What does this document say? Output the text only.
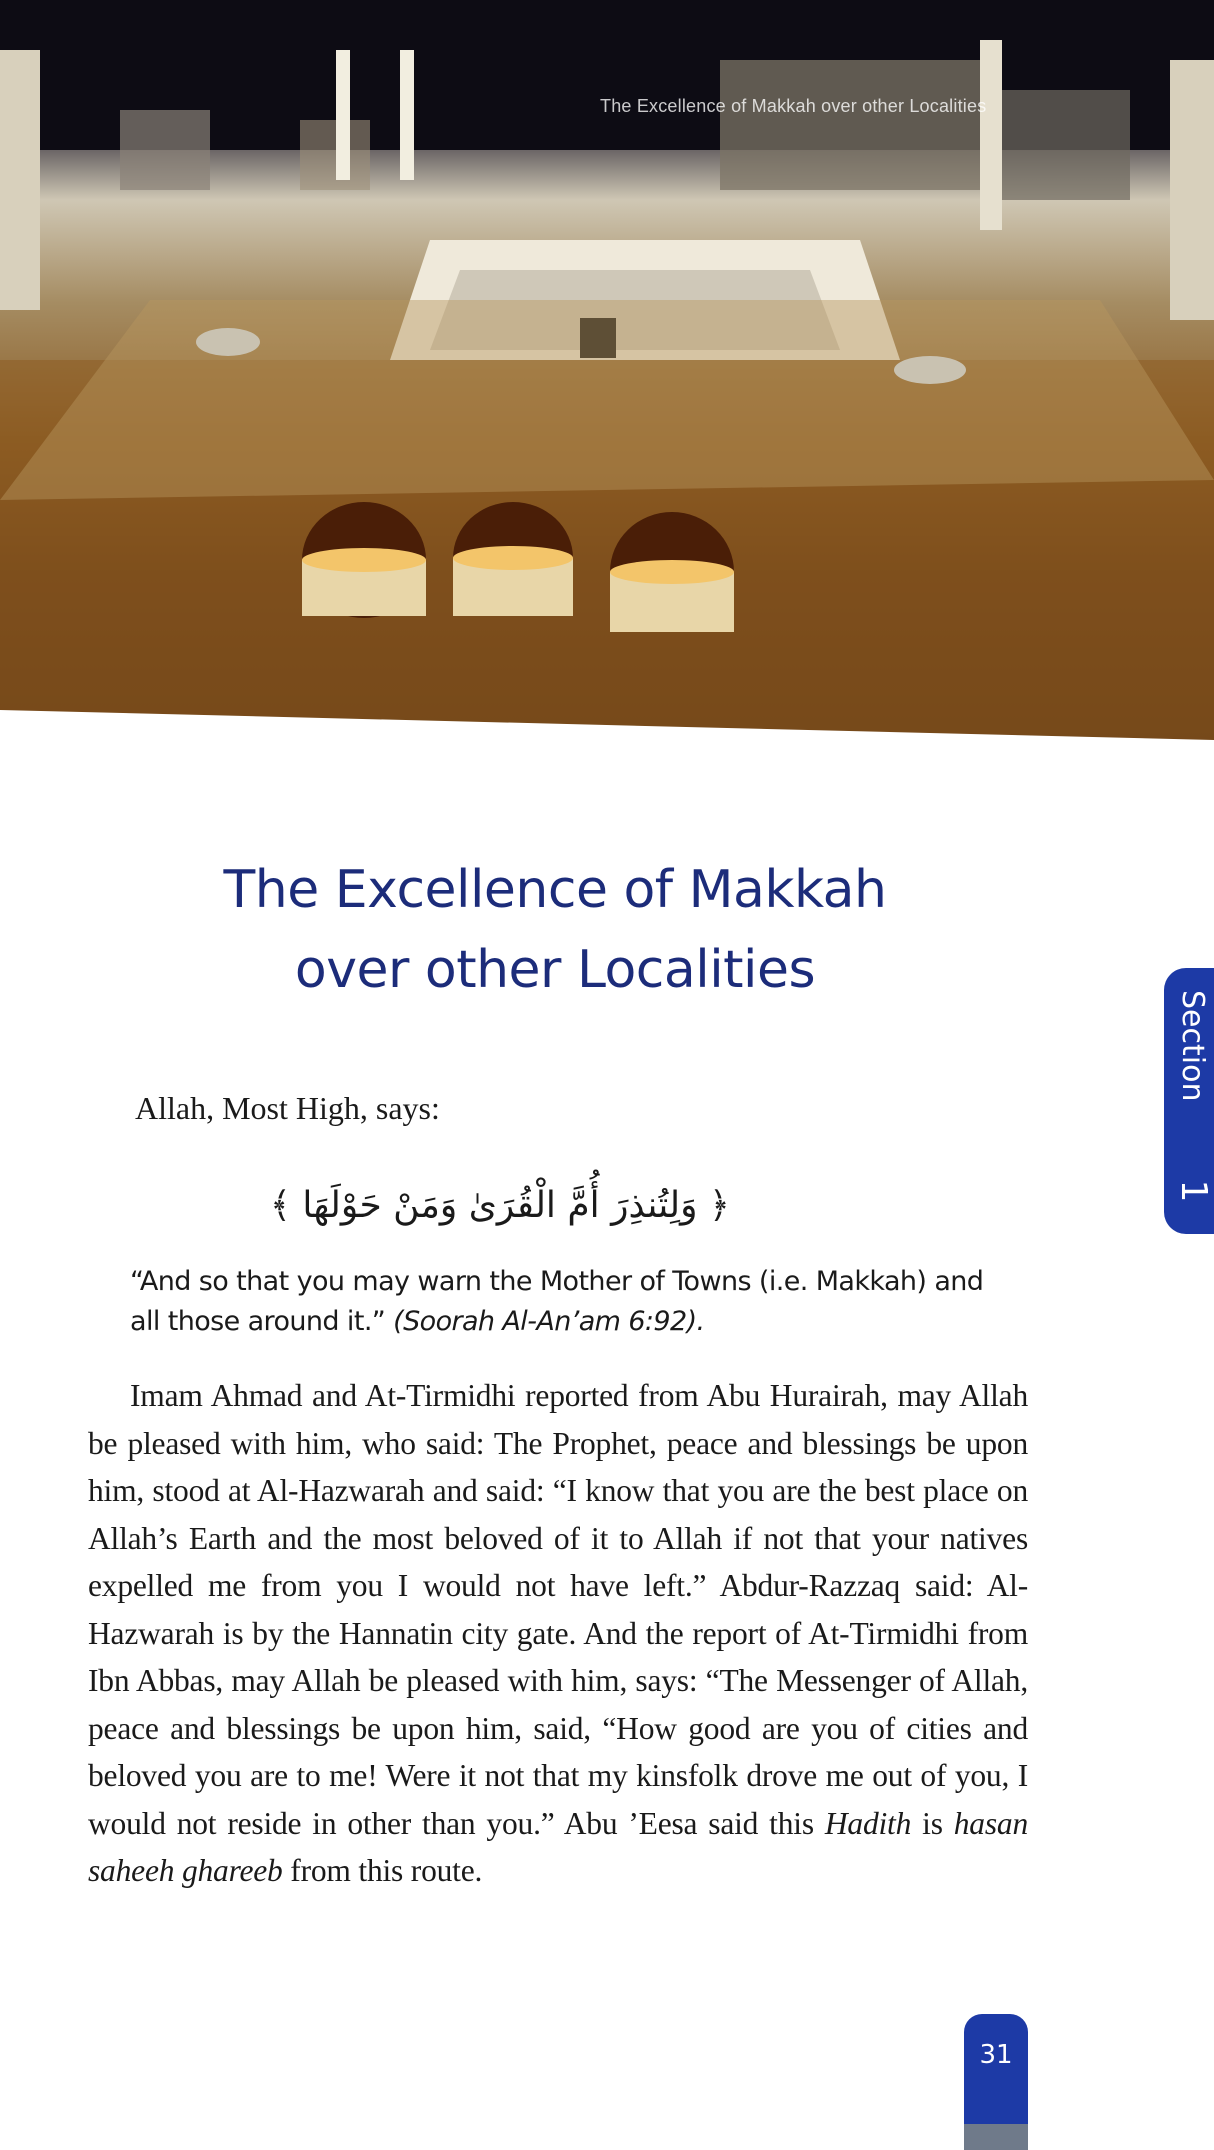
The Excellence of Makkah over other Localities
The Excellence of Makkah
over other Localities
Section
1
Allah, Most High, says:
﴿ وَلِتُنذِرَ أُمَّ الْقُرَىٰ وَمَنْ حَوْلَهَا ﴾
“And so that you may warn the Mother of Towns (i.e. Makkah) and all those around it.” (Soorah Al-An’am 6:92).
Imam Ahmad and At-Tirmidhi reported from Abu Hurairah, may Allah be pleased with him, who said: The Prophet, peace and blessings be upon him, stood at Al-Hazwarah and said: “I know that you are the best place on Allah’s Earth and the most beloved of it to Allah if not that your natives expelled me from you I would not have left.” Abdur-Razzaq said: Al-Hazwarah is by the Hannatin city gate. And the report of At-Tirmidhi from Ibn Abbas, may Allah be pleased with him, says: “The Messenger of Allah, peace and blessings be upon him, said, “How good are you of cities and beloved you are to me! Were it not that my kinsfolk drove me out of you, I would not reside in other than you.” Abu ’Eesa said this Hadith is hasan saheeh ghareeb from this route.
31
